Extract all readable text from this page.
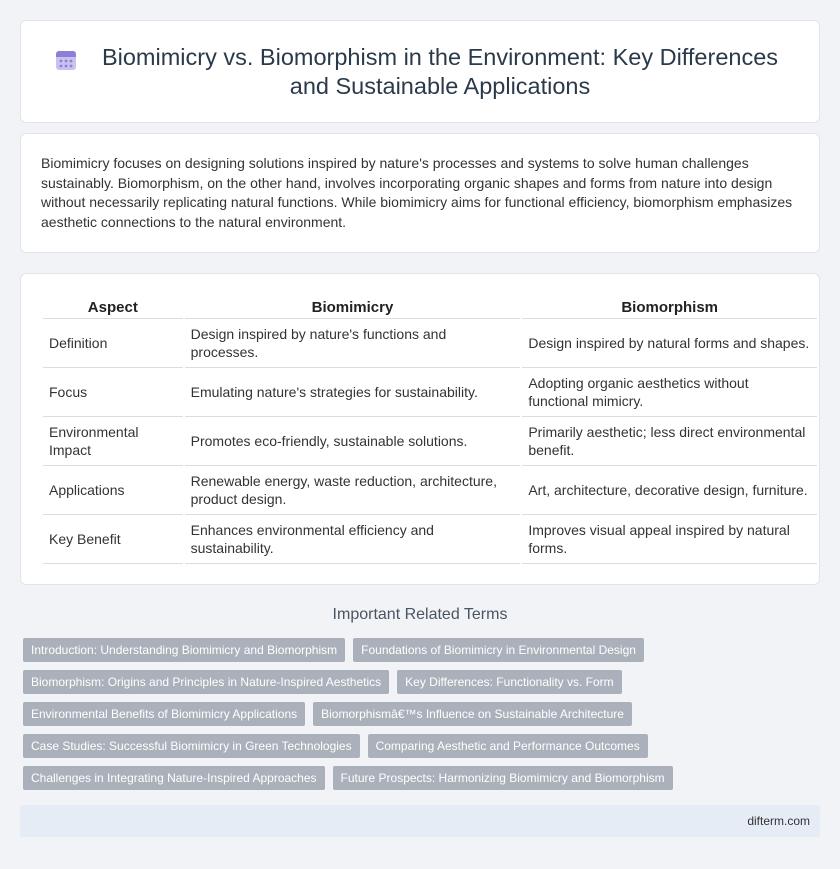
Biomimicry vs. Biomorphism in the Environment: Key Differences and Sustainable Applications

Biomimicry focuses on designing solutions inspired by nature's processes and systems to solve human challenges sustainably. Biomorphism, on the other hand, involves incorporating organic shapes and forms from nature into design without necessarily replicating natural functions. While biomimicry aims for functional efficiency, biomorphism emphasizes aesthetic connections to the natural environment.

Aspect	Biomimicry	Biomorphism
Definition	Design inspired by nature's functions and processes.	Design inspired by natural forms and shapes.
Focus	Emulating nature's strategies for sustainability.	Adopting organic aesthetics without functional mimicry.
Environmental Impact	Promotes eco-friendly, sustainable solutions.	Primarily aesthetic; less direct environmental benefit.
Applications	Renewable energy, waste reduction, architecture, product design.	Art, architecture, decorative design, furniture.
Key Benefit	Enhances environmental efficiency and sustainability.	Improves visual appeal inspired by natural forms.
Important Related Terms
Introduction: Understanding Biomimicry and Biomorphism	Foundations of Biomimicry in Environmental Design
Biomorphism: Origins and Principles in Nature-Inspired Aesthetics	Key Differences: Functionality vs. Form
Environmental Benefits of Biomimicry Applications	Biomorphismâ€™s Influence on Sustainable Architecture
Case Studies: Successful Biomimicry in Green Technologies	Comparing Aesthetic and Performance Outcomes
Challenges in Integrating Nature-Inspired Approaches	Future Prospects: Harmonizing Biomimicry and Biomorphism
difterm.com
